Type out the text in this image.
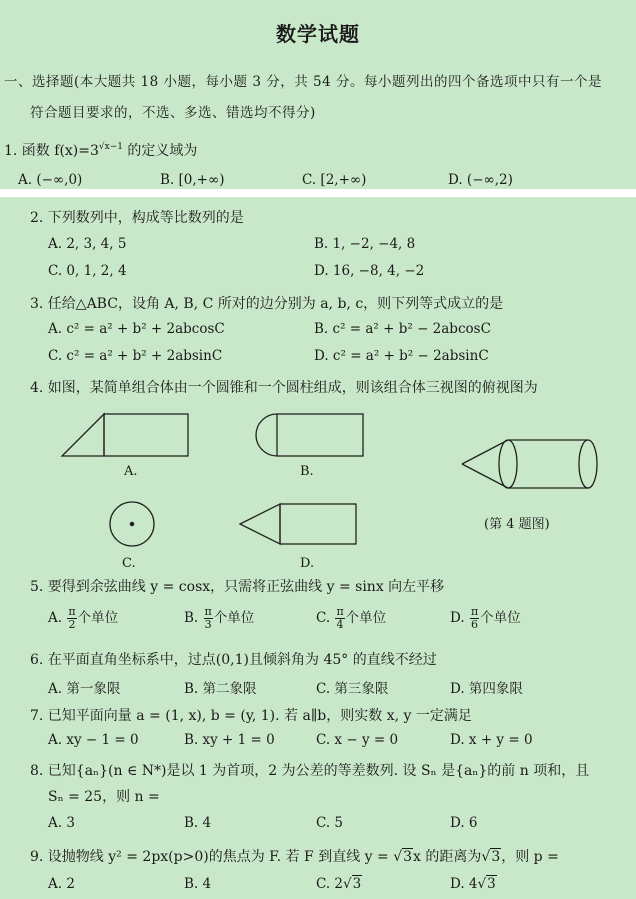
数学试题
一、选择题(本大题共 18 小题，每小题 3 分，共 54 分。每小题列出的四个备选项中只有一个是
符合题目要求的，不选、多选、错选均不得分)
1. 函数 $f(x)=3^{√x-1}$ 的定义域为
A. (−∞,0)	B. [0,+∞)	C. [2,+∞)	D. (−∞,2)
2. 下列数列中，构成等比数列的是
A. 2, 3, 4, 5	B. 1, −2, −4, 8
C. 0, 1, 2, 4	D. 16, −8, 4, −2
3. 任给△ABC，设角 A, B, C 所对的边分别为 a, b, c，则下列等式成立的是
A. c² = a² + b² + 2abcosC	B. c² = a² + b² − 2abcosC
C. c² = a² + b² + 2absinC	D. c² = a² + b² − 2absinC
4. 如图，某简单组合体由一个圆锥和一个圆柱组成，则该组合体三视图的俯视图为
A.	B.
C.	D.
(第 4 题图)
5. 要得到余弦曲线 y = cosx，只需将正弦曲线 y = sinx 向左平移
A. $\frac{\pi}{2}$ 个单位	B. $\frac{\pi}{3}$ 个单位	C. $\frac{\pi}{4}$ 个单位	D. $\frac{\pi}{6}$ 个单位
6. 在平面直角坐标系中，过点(0,1)且倾斜角为 45° 的直线不经过
A. 第一象限	B. 第二象限	C. 第三象限	D. 第四象限
7. 已知平面向量 a = (1, x), b = (y, 1). 若 a∥b，则实数 x, y 一定满足
A. xy − 1 = 0	B. xy + 1 = 0	C. x − y = 0	D. x + y = 0
8. 已知{aₙ}(n ∈ N*)是以 1 为首项，2 为公差的等差数列. 设 Sₙ 是{aₙ}的前 n 项和，且
Sₙ = 25，则 n =
A. 3	B. 4	C. 5	D. 6
9. 设抛物线 y² = 2px(p>0)的焦点为 F. 若 F 到直线 y = √3x 的距离为√3，则 p =
A. 2	B. 4	C. 2√3	D. 4√3
